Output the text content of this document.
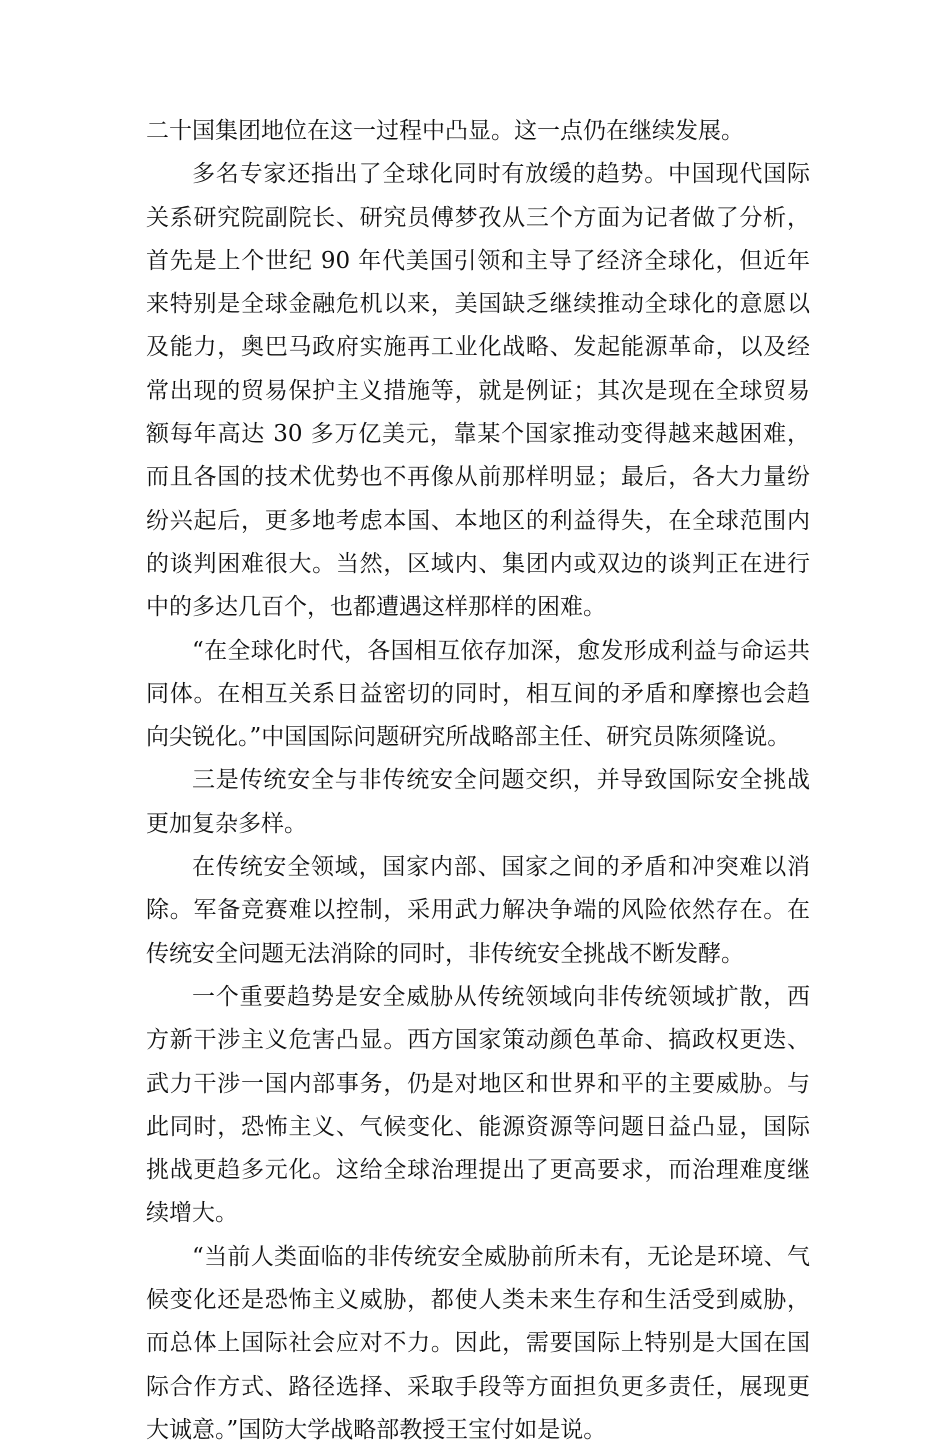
二十国集团地位在这一过程中凸显。这一点仍在继续发展。

多名专家还指出了全球化同时有放缓的趋势。中国现代国际关系研究院副院长、研究员傅梦孜从三个方面为记者做了分析，首先是上个世纪 90 年代美国引领和主导了经济全球化，但近年来特别是全球金融危机以来，美国缺乏继续推动全球化的意愿以及能力，奥巴马政府实施再工业化战略、发起能源革命，以及经常出现的贸易保护主义措施等，就是例证；其次是现在全球贸易额每年高达 30 多万亿美元，靠某个国家推动变得越来越困难，而且各国的技术优势也不再像从前那样明显；最后，各大力量纷纷兴起后，更多地考虑本国、本地区的利益得失，在全球范围内的谈判困难很大。当然，区域内、集团内或双边的谈判正在进行中的多达几百个，也都遭遇这样那样的困难。

“在全球化时代，各国相互依存加深，愈发形成利益与命运共同体。在相互关系日益密切的同时，相互间的矛盾和摩擦也会趋向尖锐化。”中国国际问题研究所战略部主任、研究员陈须隆说。

三是传统安全与非传统安全问题交织，并导致国际安全挑战更加复杂多样。

在传统安全领域，国家内部、国家之间的矛盾和冲突难以消除。军备竞赛难以控制，采用武力解决争端的风险依然存在。在传统安全问题无法消除的同时，非传统安全挑战不断发酵。

一个重要趋势是安全威胁从传统领域向非传统领域扩散，西方新干涉主义危害凸显。西方国家策动颜色革命、搞政权更迭、武力干涉一国内部事务，仍是对地区和世界和平的主要威胁。与此同时，恐怖主义、气候变化、能源资源等问题日益凸显，国际挑战更趋多元化。这给全球治理提出了更高要求，而治理难度继续增大。

“当前人类面临的非传统安全威胁前所未有，无论是环境、气候变化还是恐怖主义威胁，都使人类未来生存和生活受到威胁，而总体上国际社会应对不力。因此，需要国际上特别是大国在国际合作方式、路径选择、采取手段等方面担负更多责任，展现更大诚意。”国防大学战略部教授王宝付如是说。
